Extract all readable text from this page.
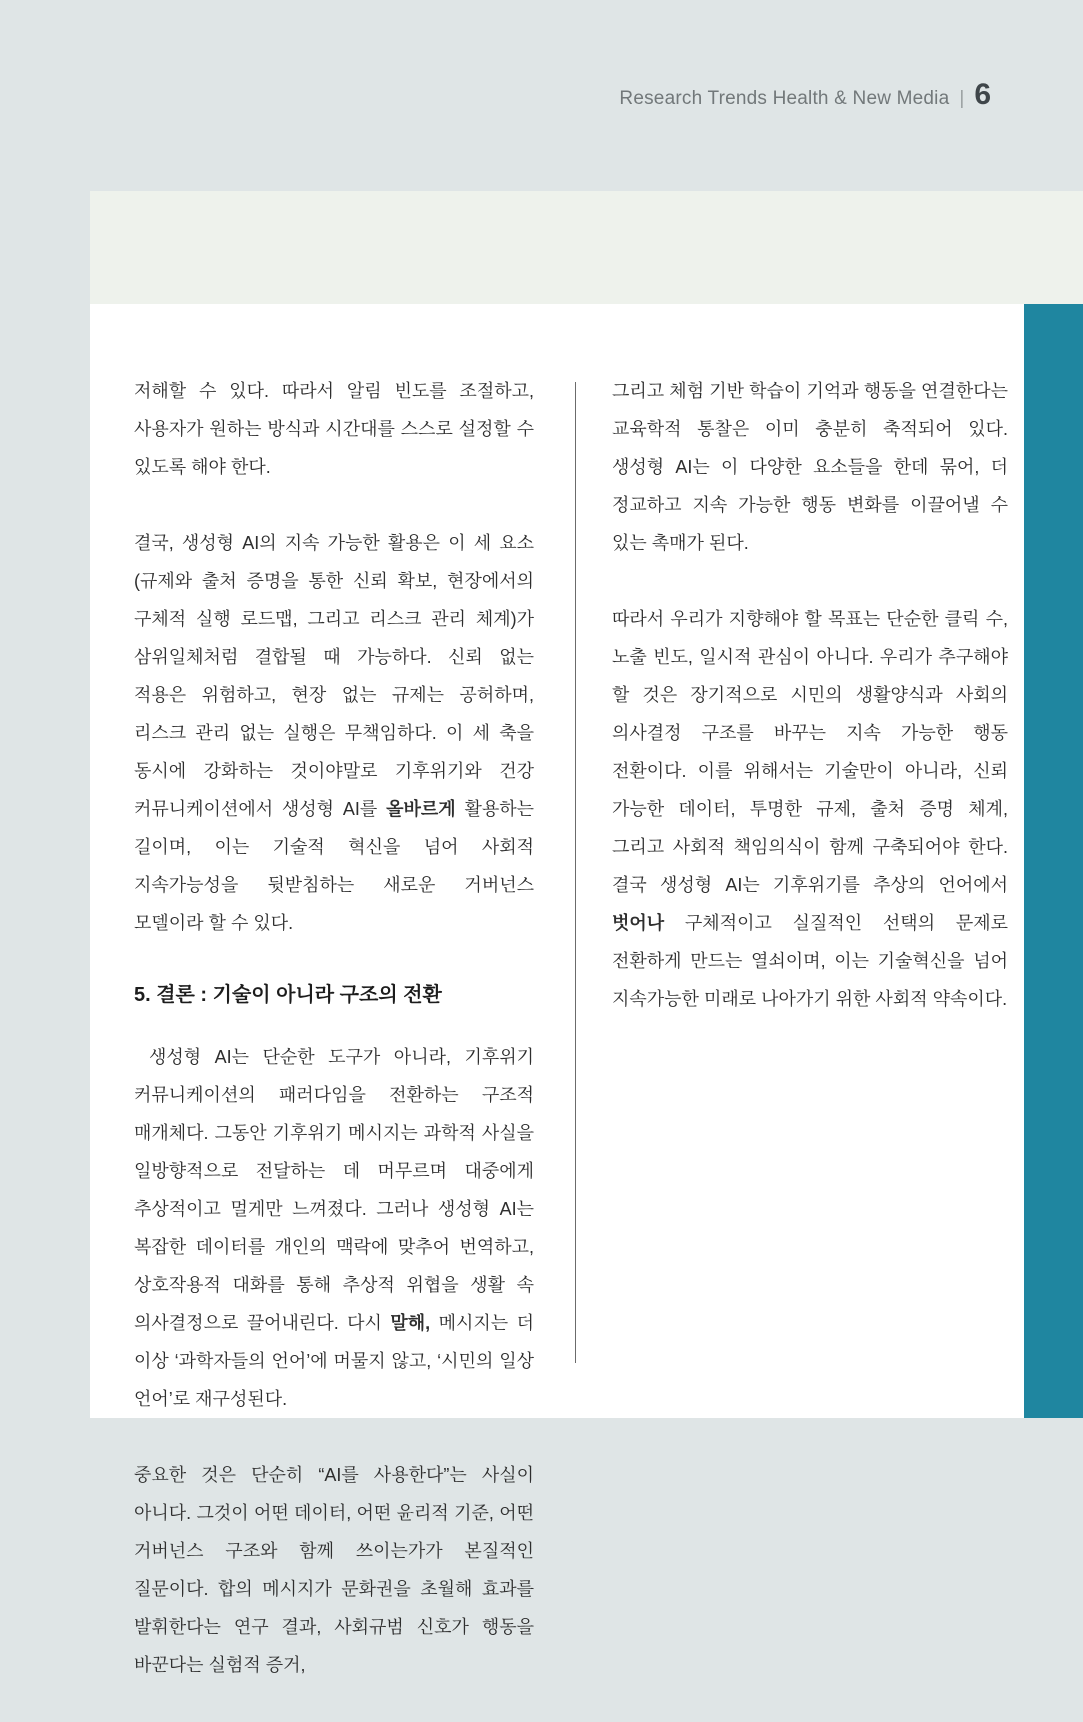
Research Trends Health & New Media | 6

저해할 수 있다. 따라서 알림 빈도를 조절하고, 사용자가 원하는 방식과 시간대를 스스로 설정할 수 있도록 해야 한다.

결국, 생성형 AI의 지속 가능한 활용은 이 세 요소(규제와 출처 증명을 통한 신뢰 확보, 현장에서의 구체적 실행 로드맵, 그리고 리스크 관리 체계)가 삼위일체처럼 결합될 때 가능하다. 신뢰 없는 적용은 위험하고, 현장 없는 규제는 공허하며, 리스크 관리 없는 실행은 무책임하다. 이 세 축을 동시에 강화하는 것이야말로 기후위기와 건강 커뮤니케이션에서 생성형 AI를 올바르게 활용하는 길이며, 이는 기술적 혁신을 넘어 사회적 지속가능성을 뒷받침하는 새로운 거버넌스 모델이라 할 수 있다.

5. 결론 : 기술이 아니라 구조의 전환

생성형 AI는 단순한 도구가 아니라, 기후위기 커뮤니케이션의 패러다임을 전환하는 구조적 매개체다. 그동안 기후위기 메시지는 과학적 사실을 일방향적으로 전달하는 데 머무르며 대중에게 추상적이고 멀게만 느껴졌다. 그러나 생성형 AI는 복잡한 데이터를 개인의 맥락에 맞추어 번역하고, 상호작용적 대화를 통해 추상적 위협을 생활 속 의사결정으로 끌어내린다. 다시 말해, 메시지는 더 이상 ‘과학자들의 언어’에 머물지 않고, ‘시민의 일상 언어’로 재구성된다.

중요한 것은 단순히 “AI를 사용한다”는 사실이 아니다. 그것이 어떤 데이터, 어떤 윤리적 기준, 어떤 거버넌스 구조와 함께 쓰이는가가 본질적인 질문이다. 합의 메시지가 문화권을 초월해 효과를 발휘한다는 연구 결과, 사회규범 신호가 행동을 바꾼다는 실험적 증거,

그리고 체험 기반 학습이 기억과 행동을 연결한다는 교육학적 통찰은 이미 충분히 축적되어 있다. 생성형 AI는 이 다양한 요소들을 한데 묶어, 더 정교하고 지속 가능한 행동 변화를 이끌어낼 수 있는 촉매가 된다.

따라서 우리가 지향해야 할 목표는 단순한 클릭 수, 노출 빈도, 일시적 관심이 아니다. 우리가 추구해야 할 것은 장기적으로 시민의 생활양식과 사회의 의사결정 구조를 바꾸는 지속 가능한 행동 전환이다. 이를 위해서는 기술만이 아니라, 신뢰 가능한 데이터, 투명한 규제, 출처 증명 체계, 그리고 사회적 책임의식이 함께 구축되어야 한다. 결국 생성형 AI는 기후위기를 추상의 언어에서 벗어나 구체적이고 실질적인 선택의 문제로 전환하게 만드는 열쇠이며, 이는 기술혁신을 넘어 지속가능한 미래로 나아가기 위한 사회적 약속이다.
